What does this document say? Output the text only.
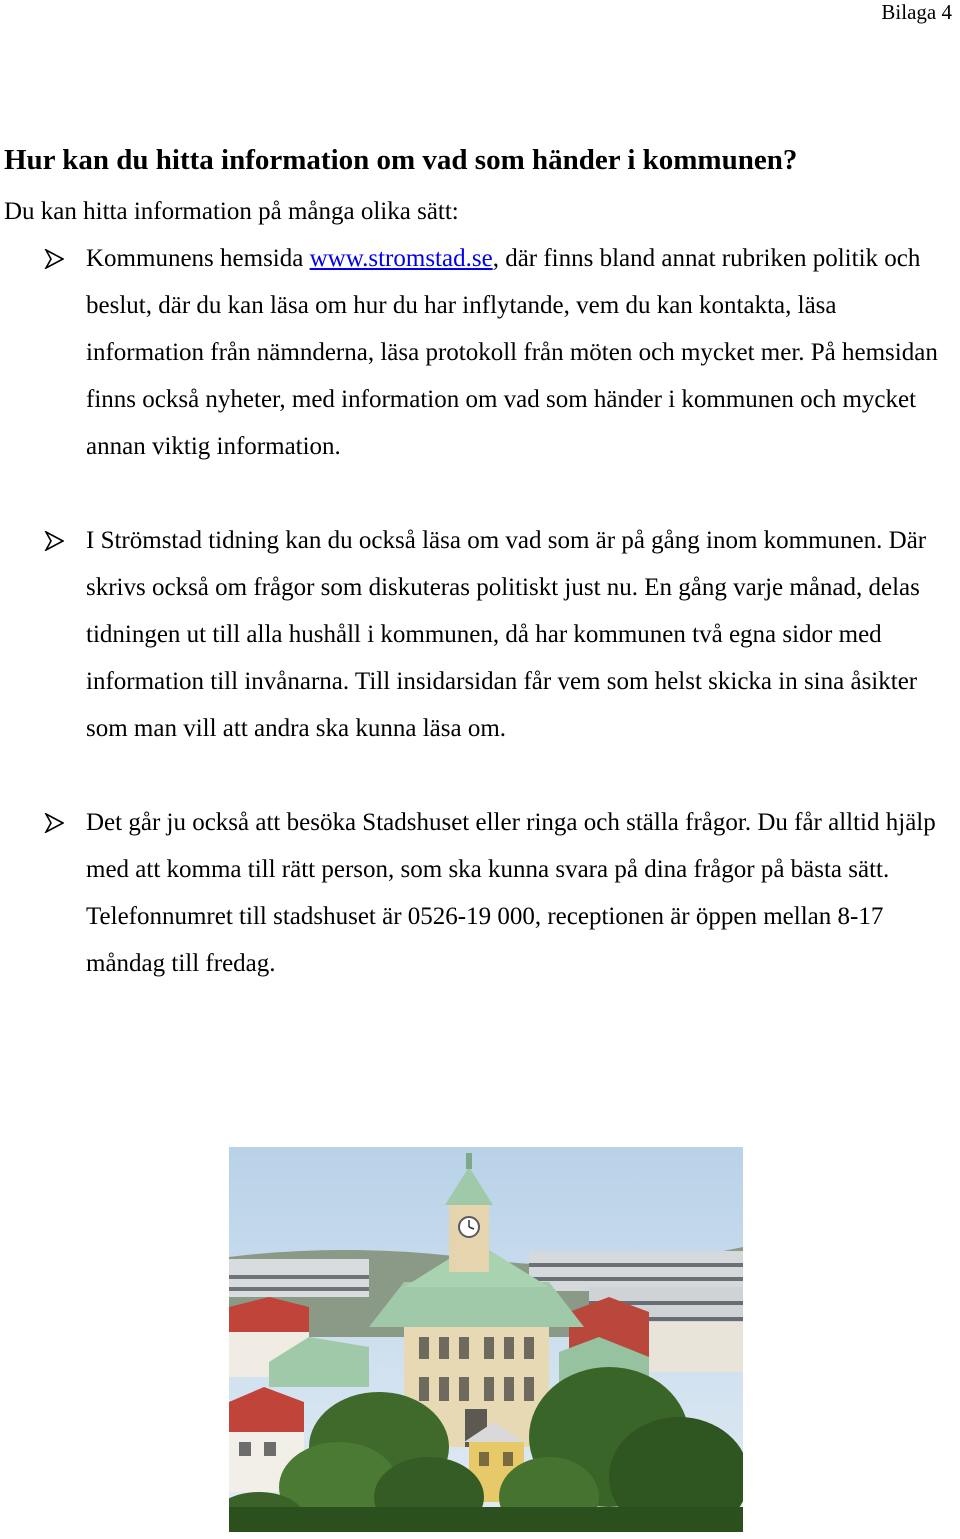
Bilaga 4
Hur kan du hitta information om vad som händer i kommunen?

Du kan hitta information på många olika sätt:

Kommunens hemsida www.stromstad.se, där finns bland annat rubriken politik och beslut, där du kan läsa om hur du har inflytande, vem du kan kontakta, läsa information från nämnderna, läsa protokoll från möten och mycket mer. På hemsidan finns också nyheter, med information om vad som händer i kommunen och mycket annan viktig information.
I Strömstad tidning kan du också läsa om vad som är på gång inom kommunen. Där skrivs också om frågor som diskuteras politiskt just nu. En gång varje månad, delas tidningen ut till alla hushåll i kommunen, då har kommunen två egna sidor med information till invånarna. Till insidarsidan får vem som helst skicka in sina åsikter som man vill att andra ska kunna läsa om.
Det går ju också att besöka Stadshuset eller ringa och ställa frågor. Du får alltid hjälp med att komma till rätt person, som ska kunna svara på dina frågor på bästa sätt. Telefonnumret till stadshuset är 0526-19 000, receptionen är öppen mellan 8-17 måndag till fredag.
